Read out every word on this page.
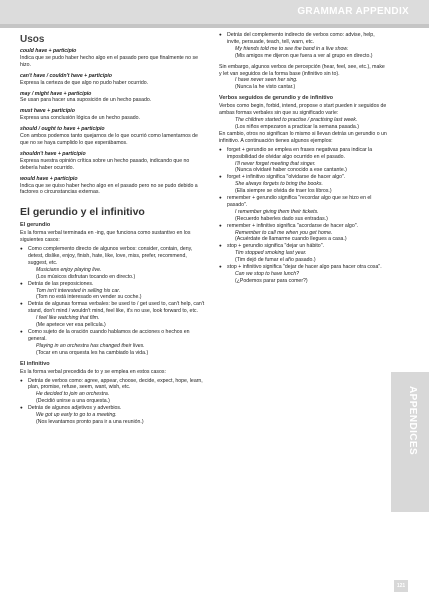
GRAMMAR APPENDIX
Usos

could have + participio

Indica que se pudo haber hecho algo en el pasado pero que finalmente no se hizo.

can't have / couldn't have + participio

Expresa la certeza de que algo no pudo haber ocurrido.

may / might have + participio

Se usan para hacer una suposición de un hecho pasado.

must have + participio

Expresa una conclusión lógica de un hecho pasado.

should / ought to have + participio

Con ambos podemos tanto quejarnos de lo que ocurrió como lamentarnos de que no se haya cumplido lo que esperábamos.

shouldn't have + participio

Expresa nuestra opinión crítica sobre un hecho pasado, indicando que no debería haber ocurrido.

would have + participio

Indica que se quiso haber hecho algo en el pasado pero no se pudo debido a factores o circunstancias externas.

El gerundio y el infinitivo
El gerundio

Es la forma verbal terminada en -ing, que funciona como sustantivo en los siguientes casos:

● Como complemento directo de algunos verbos: consider, contain, deny, detest, dislike, enjoy, finish, hate, like, love, miss, prefer, recommend, suggest, etc.

Musicians enjoy playing live.

(Los músicos disfrutan tocando en directo.)

● Detrás de las preposiciones.

Tom isn't interested in selling his car.

(Tom no está interesado en vender su coche.)

● Detrás de algunas formas verbales: be used to / get used to, can't help, can't stand, don't mind / wouldn't mind, feel like, it's no use, look forward to, etc.

I feel like watching that film.

(Me apetece ver esa película.)

● Como sujeto de la oración cuando hablamos de acciones o hechos en general.

Playing in an orchestra has changed their lives.

(Tocar en una orquesta les ha cambiado la vida.)

El infinitivo

Es la forma verbal precedida de to y se emplea en estos casos:

● Detrás de verbos como: agree, appear, choose, decide, expect, hope, learn, plan, promise, refuse, seem, want, wish, etc.

He decided to join an orchestra.

(Decidió unirse a una orquesta.)

● Detrás de algunos adjetivos y adverbios.

We got up early to go to a meeting.

(Nos levantamos pronto para ir a una reunión.)

● Detrás del complemento indirecto de verbos como: advise, help, invite, persuade, teach, tell, warn, etc.

My friends told me to see the band in a live show.

(Mis amigos me dijeron que fuera a ver al grupo en directo.)

Sin embargo, algunos verbos de percepción (hear, feel, see, etc.), make y let van seguidos de la forma base (infinitivo sin to).

I have never seen her sing.

(Nunca la he visto cantar.)

Verbos seguidos de gerundio y de infinitivo

Verbos como begin, forbid, intend, propose o start pueden ir seguidos de ambas formas verbales sin que su significado varíe:

The children started to practise / practising last week.

(Los niños empezaron a practicar la semana pasada.)

En cambio, otros no significan lo mismo si llevan detrás un gerundio o un infinitivo. A continuación tienes algunos ejemplos:

● forget + gerundio se emplea en frases negativas para indicar la imposibilidad de olvidar algo ocurrido en el pasado.

I'll never forget meeting that singer.

(Nunca olvidaré haber conocido a ese cantante.)

● forget + infinitivo significa "olvidarse de hacer algo".

She always forgets to bring the books.

(Ella siempre se olvida de traer los libros.)

● remember + gerundio significa "recordar algo que se hizo en el pasado".

I remember giving them their tickets.

(Recuerdo haberles dado sus entradas.)

● remember + infinitivo significa "acordarse de hacer algo".

Remember to call me when you get home.

(Acuérdate de llamarme cuando llegues a casa.)

● stop + gerundio significa "dejar un hábito".

Tim stopped smoking last year.

(Tim dejó de fumar el año pasado.)

● stop + infinitivo significa "dejar de hacer algo para hacer otra cosa".

Can we stop to have lunch?

(¿Podemos parar para comer?)

APPENDICES
121
